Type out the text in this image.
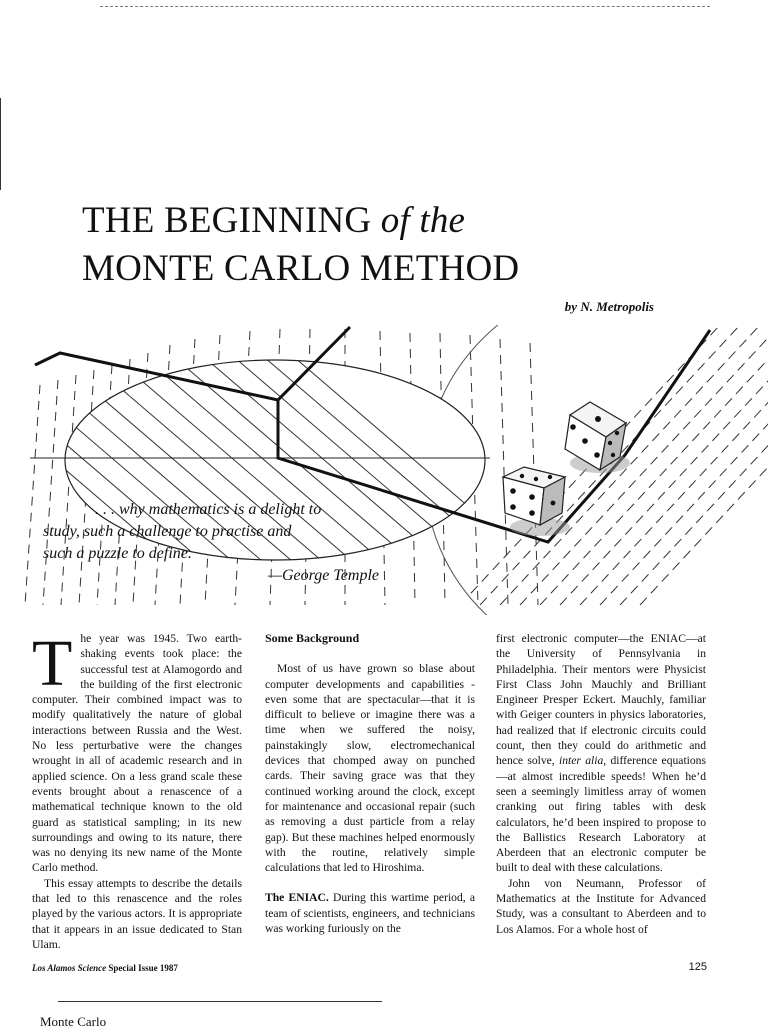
THE BEGINNING of the
MONTE CARLO METHOD
by N. Metropolis
. . . why mathematics is a delight to
study, such a challenge to practise and
such a puzzle to define.
—George Temple
T he year was 1945. Two earth-shaking events took place: the successful test at Alamogordo and the building of the first electronic computer. Their combined impact was to modify qualitatively the nature of global interactions between Russia and the West. No less perturbative were the changes wrought in all of academic research and in applied science. On a less grand scale these events brought about a renascence of a mathematical technique known to the old guard as statistical sampling; in its new surroundings and owing to its nature, there was no denying its new name of the Monte Carlo method.

This essay attempts to describe the details that led to this renascence and the roles played by the various actors. It is appropriate that it appears in an issue dedicated to Stan Ulam.

Some Background

Most of us have grown so blase about computer developments and capabilities -even some that are spectacular—that it is difficult to believe or imagine there was a time when we suffered the noisy, painstakingly slow, electromechanical devices that chomped away on punched cards. Their saving grace was that they continued working around the clock, except for maintenance and occasional repair (such as removing a dust particle from a relay gap). But these machines helped enormously with the routine, relatively simple calculations that led to Hiroshima.

The ENIAC. During this wartime period, a team of scientists, engineers, and technicians was working furiously on the

first electronic computer—the ENIAC—at the University of Pennsylvania in Philadelphia. Their mentors were Physicist First Class John Mauchly and Brilliant Engineer Presper Eckert. Mauchly, familiar with Geiger counters in physics laboratories, had realized that if electronic circuits could count, then they could do arithmetic and hence solve, inter alia, difference equations—at almost incredible speeds! When he’d seen a seemingly limitless array of women cranking out firing tables with desk calculators, he’d been inspired to propose to the Ballistics Research Laboratory at Aberdeen that an electronic computer be built to deal with these calculations.

John von Neumann, Professor of Mathematics at the Institute for Advanced Study, was a consultant to Aberdeen and to Los Alamos. For a whole host of

Los Alamos Science Special Issue 1987	125
Monte Carlo
